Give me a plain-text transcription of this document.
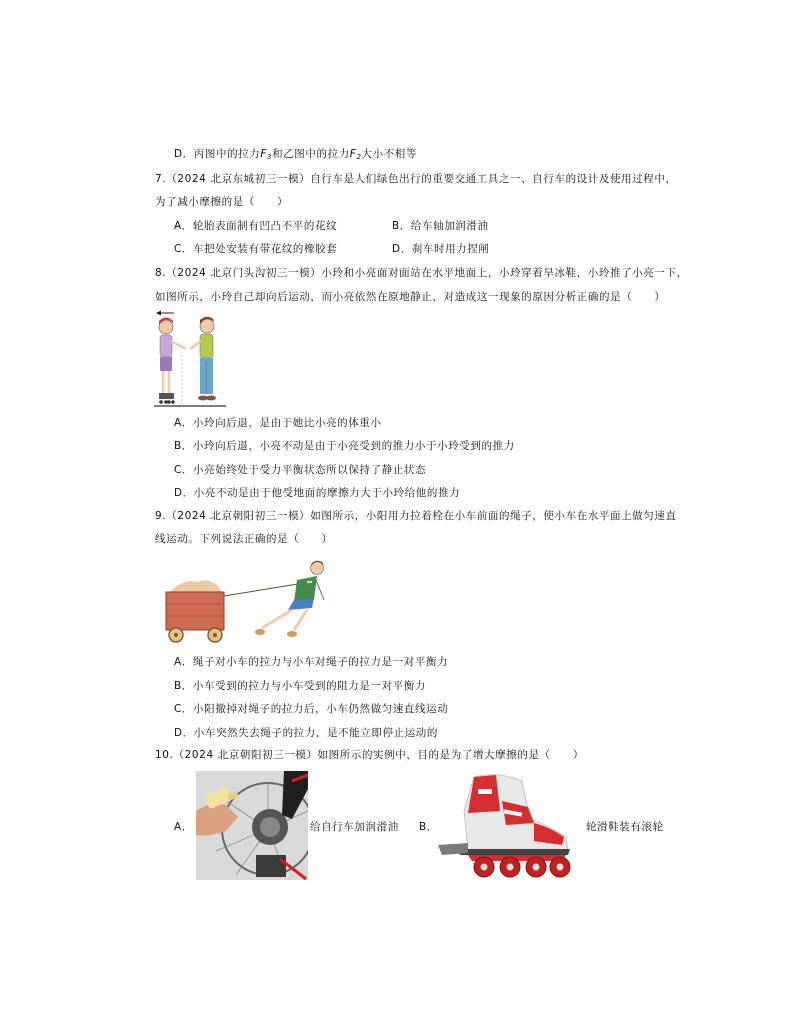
D．丙图中的拉力$F_3$和乙图中的拉力$F_2$大小不相等
7.（2024 北京东城初三一模）自行车是人们绿色出行的重要交通工具之一、自行车的设计及使用过程中，
为了减小摩擦的是（　　）
A．轮胎表面制有凹凸不平的花纹	B．给车轴加润滑油
C．车把处安装有带花纹的橡胶套	D．刹车时用力捏闸
8.（2024 北京门头沟初三一模）小玲和小亮面对面站在水平地面上，小玲穿着旱冰鞋，小玲推了小亮一下，
如图所示，小玲自己却向后运动，而小亮依然在原地静止，对造成这一现象的原因分析正确的是（　　）
A．小玲向后退，是由于她比小亮的体重小
B．小玲向后退，小亮不动是由于小亮受到的推力小于小玲受到的推力
C．小亮始终处于受力平衡状态所以保持了静止状态
D．小亮不动是由于他受地面的摩擦力大于小玲给他的推力
9.（2024 北京朝阳初三一模）如图所示，小阳用力拉着栓在小车前面的绳子，使小车在水平面上做匀速直
线运动。下列说法正确的是（　　）
A．绳子对小车的拉力与小车对绳子的拉力是一对平衡力
B．小车受到的拉力与小车受到的阻力是一对平衡力
C．小阳撤掉对绳子的拉力后，小车仍然做匀速直线运动
D．小车突然失去绳子的拉力，是不能立即停止运动的
10.（2024 北京朝阳初三一模）如图所示的实例中，目的是为了增大摩擦的是（　　）
A．	给自行车加润滑油 B．	轮滑鞋装有滚轮
